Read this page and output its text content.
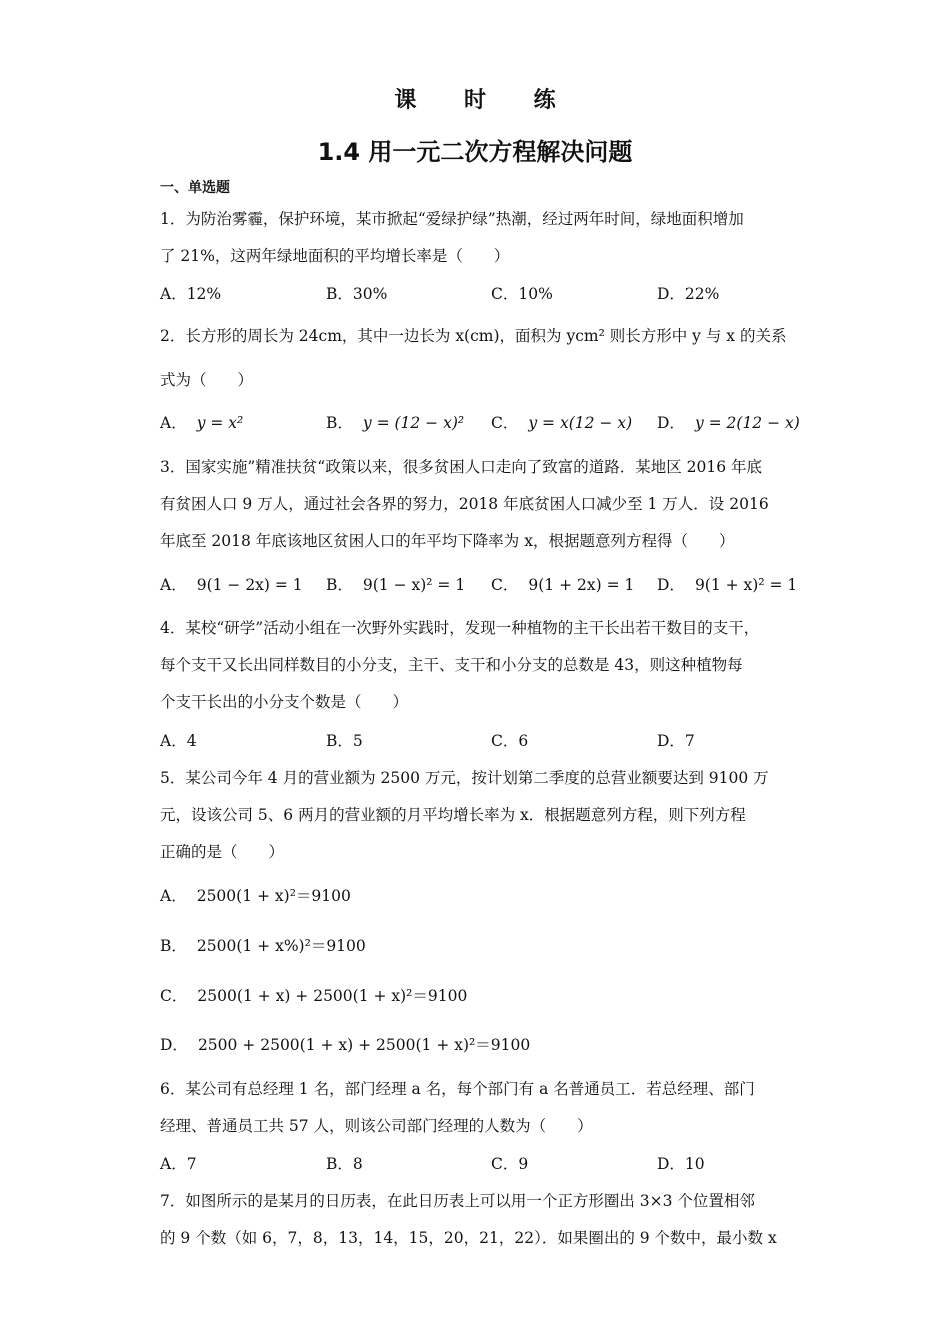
课 时 练
1.4 用一元二次方程解决问题
一、单选题
1．为防治雾霾，保护环境，某市掀起“爱绿护绿”热潮，经过两年时间，绿地面积增加
了 21%，这两年绿地面积的平均增长率是（　　）
A．12%	B．30%	C．10%	D．22%
2．长方形的周长为 24cm，其中一边长为 x(cm)，面积为 ycm² 则长方形中 y 与 x 的关系
式为（　　）
A． y = x²	B． y = (12 − x)² C． y = x(12 − x) D． y = 2(12 − x)
3．国家实施”精准扶贫“政策以来，很多贫困人口走向了致富的道路．某地区 2016 年底
有贫困人口 9 万人，通过社会各界的努力，2018 年底贫困人口减少至 1 万人．设 2016
年底至 2018 年底该地区贫困人口的年平均下降率为 x，根据题意列方程得（　　）
A． 9(1 − 2x) = 1 B． 9(1 − x)² = 1 C． 9(1 + 2x) = 1 D． 9(1 + x)² = 1
4．某校“研学”活动小组在一次野外实践时，发现一种植物的主干长出若干数目的支干，
每个支干又长出同样数目的小分支，主干、支干和小分支的总数是 43，则这种植物每
个支干长出的小分支个数是（　　）
A．4	B．5	C．6	D．7
5．某公司今年 4 月的营业额为 2500 万元，按计划第二季度的总营业额要达到 9100 万
元，设该公司 5、6 两月的营业额的月平均增长率为 x．根据题意列方程，则下列方程
正确的是（　　）
A． 2500(1 + x)²＝9100
B． 2500(1 + x%)²＝9100
C． 2500(1 + x) + 2500(1 + x)²＝9100
D． 2500 + 2500(1 + x) + 2500(1 + x)²＝9100
6．某公司有总经理 1 名，部门经理 a 名，每个部门有 a 名普通员工．若总经理、部门
经理、普通员工共 57 人，则该公司部门经理的人数为（　　）
A．7	B．8	C．9	D．10
7．如图所示的是某月的日历表，在此日历表上可以用一个正方形圈出 3×3 个位置相邻
的 9 个数（如 6，7，8，13，14，15，20，21，22）．如果圈出的 9 个数中，最小数 x
